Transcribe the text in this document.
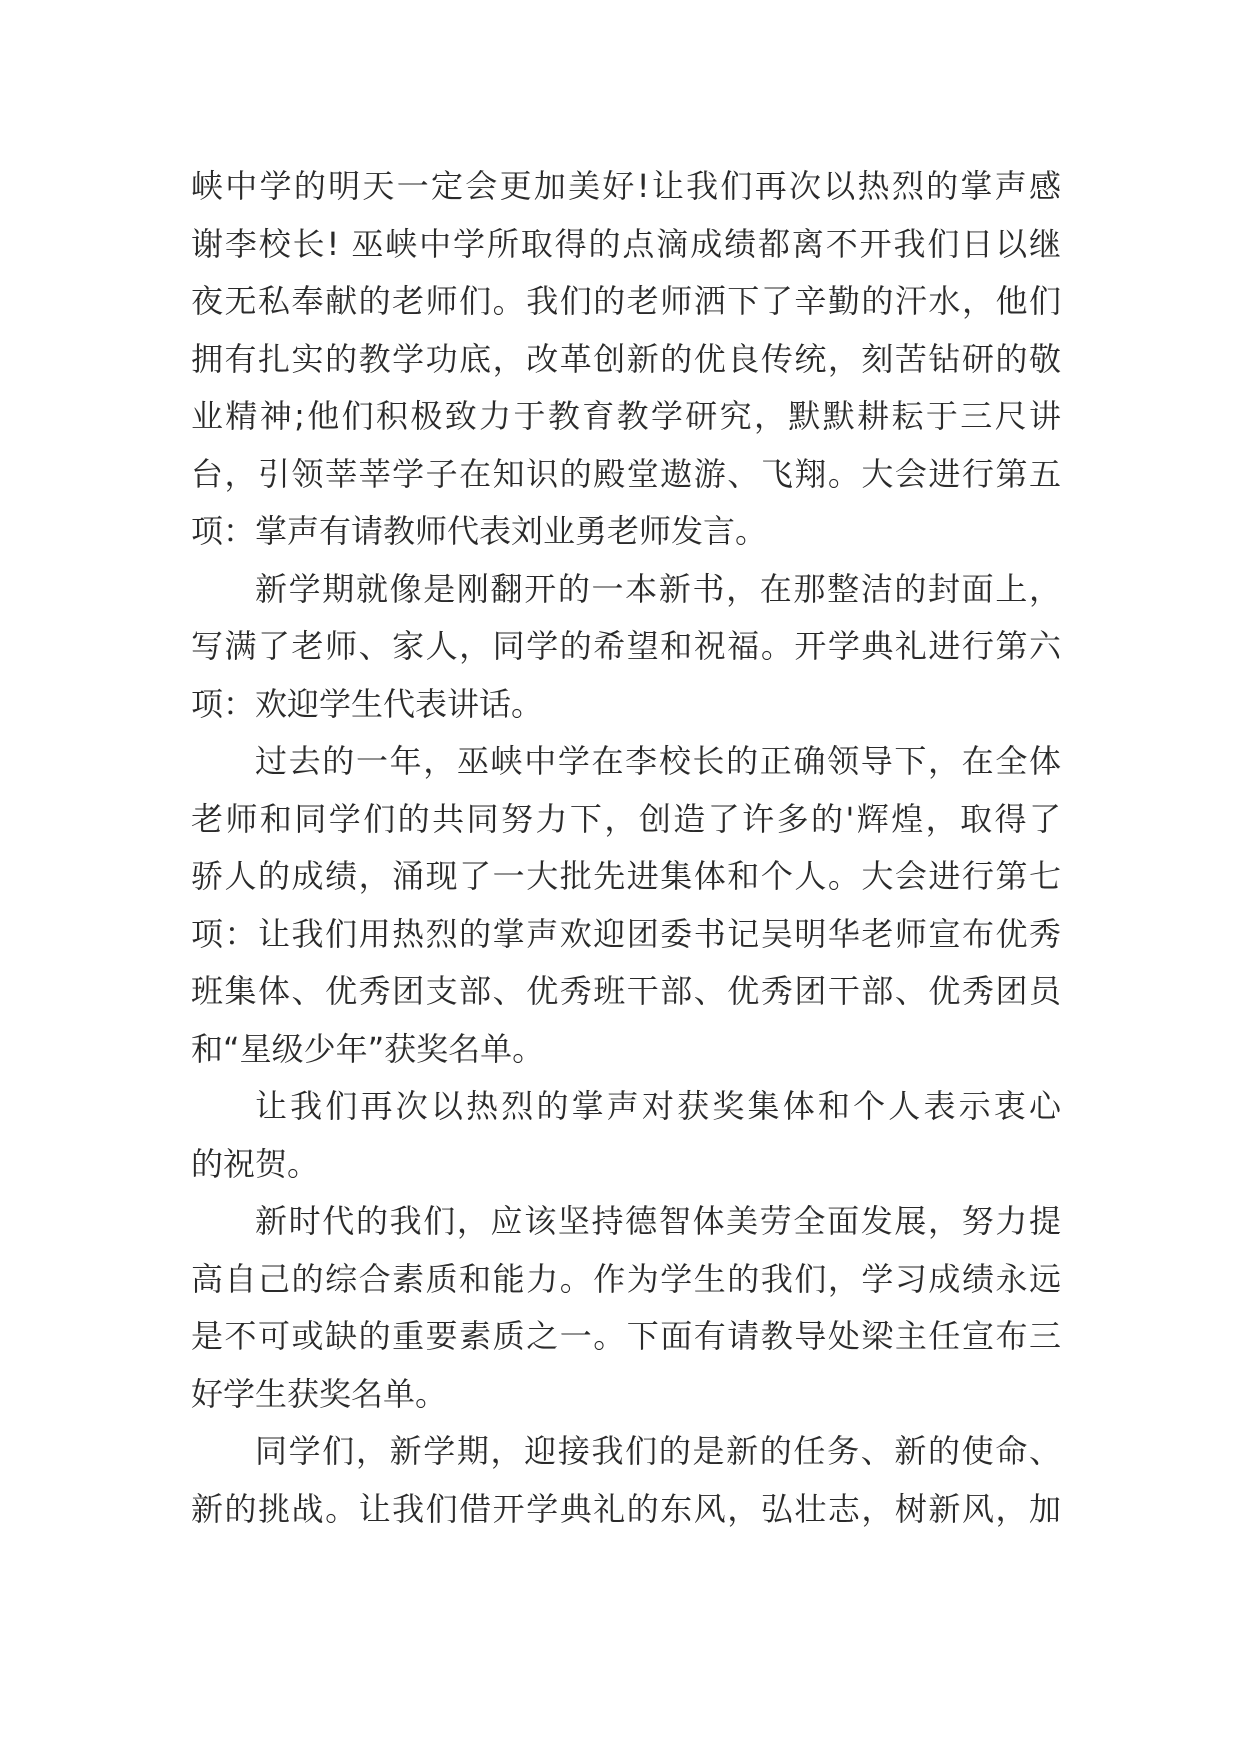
峡中学的明天一定会更加美好!让我们再次以热烈的掌声感
谢李校长! 巫峡中学所取得的点滴成绩都离不开我们日以继
夜无私奉献的老师们。我们的老师洒下了辛勤的汗水，他们
拥有扎实的教学功底，改革创新的优良传统，刻苦钻研的敬
业精神;他们积极致力于教育教学研究，默默耕耘于三尺讲
台，引领莘莘学子在知识的殿堂遨游、飞翔。大会进行第五
项：掌声有请教师代表刘业勇老师发言。
新学期就像是刚翻开的一本新书，在那整洁的封面上，
写满了老师、家人，同学的希望和祝福。开学典礼进行第六
项：欢迎学生代表讲话。
过去的一年，巫峡中学在李校长的正确领导下，在全体
老师和同学们的共同努力下，创造了许多的'辉煌，取得了
骄人的成绩，涌现了一大批先进集体和个人。大会进行第七
项：让我们用热烈的掌声欢迎团委书记吴明华老师宣布优秀
班集体、优秀团支部、优秀班干部、优秀团干部、优秀团员
和“星级少年”获奖名单。
让我们再次以热烈的掌声对获奖集体和个人表示衷心
的祝贺。
新时代的我们，应该坚持德智体美劳全面发展，努力提
高自己的综合素质和能力。作为学生的我们，学习成绩永远
是不可或缺的重要素质之一。下面有请教导处梁主任宣布三
好学生获奖名单。
同学们，新学期，迎接我们的是新的任务、新的使命、
新的挑战。让我们借开学典礼的东风，弘壮志，树新风，加
